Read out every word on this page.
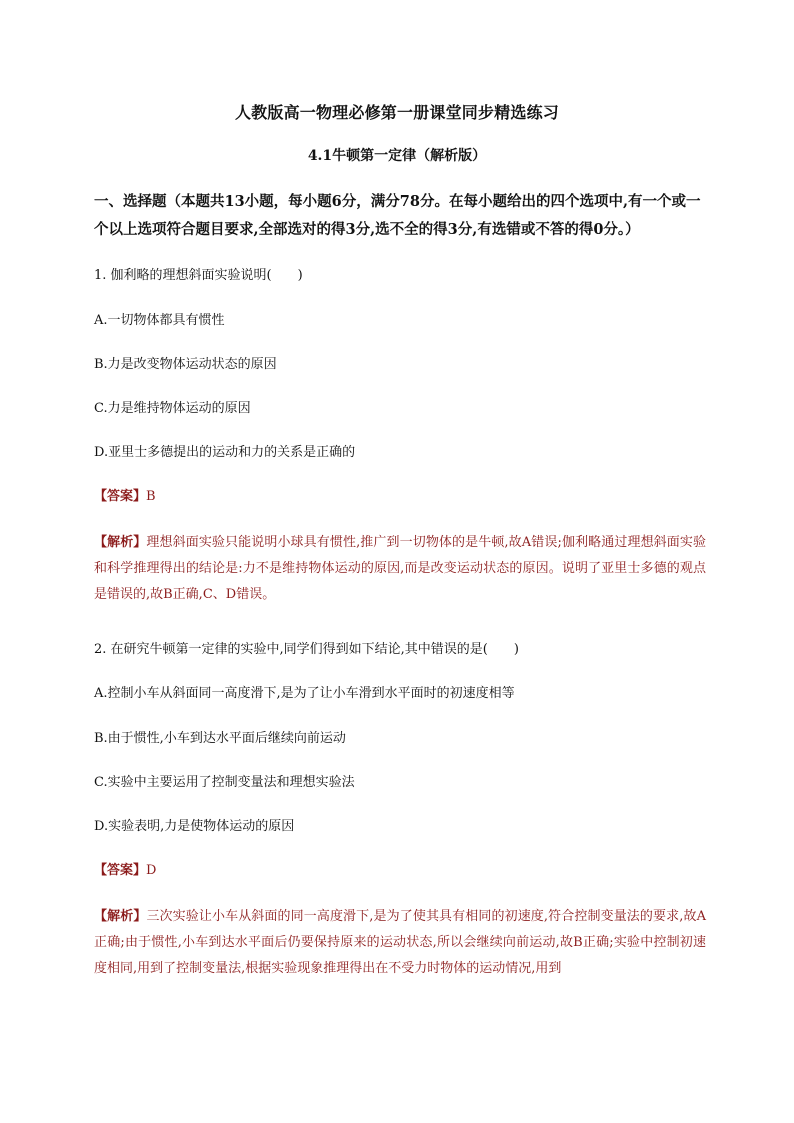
人教版高一物理必修第一册课堂同步精选练习
4.1牛顿第一定律（解析版）
一、选择题（本题共13小题，每小题6分，满分78分。在每小题给出的四个选项中,有一个或一个以上选项符合题目要求,全部选对的得3分,选不全的得3分,有选错或不答的得0分。）
1. 伽利略的理想斜面实验说明(　　)
A.一切物体都具有惯性
B.力是改变物体运动状态的原因
C.力是维持物体运动的原因
D.亚里士多德提出的运动和力的关系是正确的
【答案】B
【解析】理想斜面实验只能说明小球具有惯性,推广到一切物体的是牛顿,故A错误;伽利略通过理想斜面实验和科学推理得出的结论是:力不是维持物体运动的原因,而是改变运动状态的原因。说明了亚里士多德的观点是错误的,故B正确,C、D错误。
2. 在研究牛顿第一定律的实验中,同学们得到如下结论,其中错误的是(　　)
A.控制小车从斜面同一高度滑下,是为了让小车滑到水平面时的初速度相等
B.由于惯性,小车到达水平面后继续向前运动
C.实验中主要运用了控制变量法和理想实验法
D.实验表明,力是使物体运动的原因
【答案】D
【解析】三次实验让小车从斜面的同一高度滑下,是为了使其具有相同的初速度,符合控制变量法的要求,故A正确;由于惯性,小车到达水平面后仍要保持原来的运动状态,所以会继续向前运动,故B正确;实验中控制初速度相同,用到了控制变量法,根据实验现象推理得出在不受力时物体的运动情况,用到
